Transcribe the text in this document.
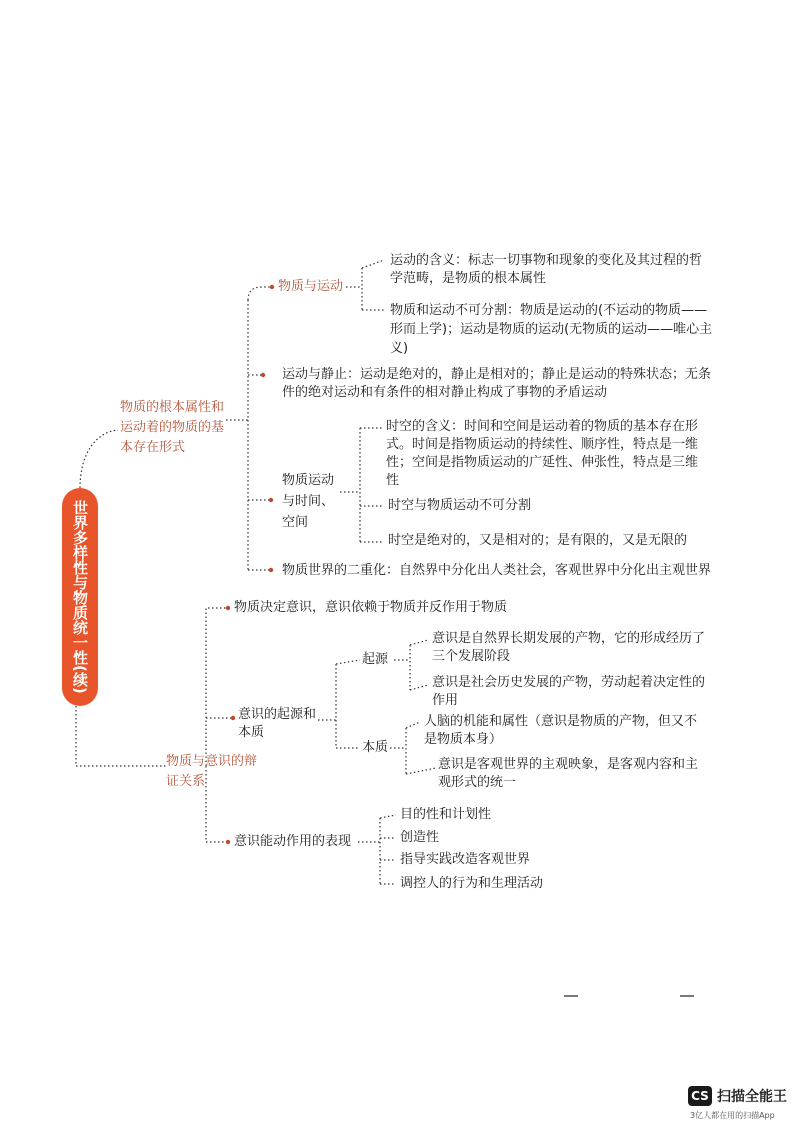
世界多样性与物质统一性(续)
物质的根本属性和运动着的物质的基本存在形式
物质与运动
运动的含义：标志一切事物和现象的变化及其过程的哲学范畴，是物质的根本属性
物质和运动不可分割：物质是运动的(不运动的物质——形而上学)；运动是物质的运动(无物质的运动——唯心主义)
运动与静止：运动是绝对的，静止是相对的；静止是运动的特殊状态；无条件的绝对运动和有条件的相对静止构成了事物的矛盾运动
物质运动与时间、空间
时空的含义：时间和空间是运动着的物质的基本存在形式。时间是指物质运动的持续性、顺序性，特点是一维性；空间是指物质运动的广延性、伸张性，特点是三维性
时空与物质运动不可分割
时空是绝对的，又是相对的；是有限的，又是无限的
物质世界的二重化：自然界中分化出人类社会，客观世界中分化出主观世界
物质与意识的辩证关系
物质决定意识，意识依赖于物质并反作用于物质
意识的起源和本质
起源
意识是自然界长期发展的产物，它的形成经历了三个发展阶段
意识是社会历史发展的产物，劳动起着决定性的作用
本质
人脑的机能和属性（意识是物质的产物，但又不是物质本身）
意识是客观世界的主观映象，是客观内容和主观形式的统一
意识能动作用的表现
目的性和计划性
创造性
指导实践改造客观世界
调控人的行为和生理活动
CS 扫描全能王
3亿人都在用的扫描App
